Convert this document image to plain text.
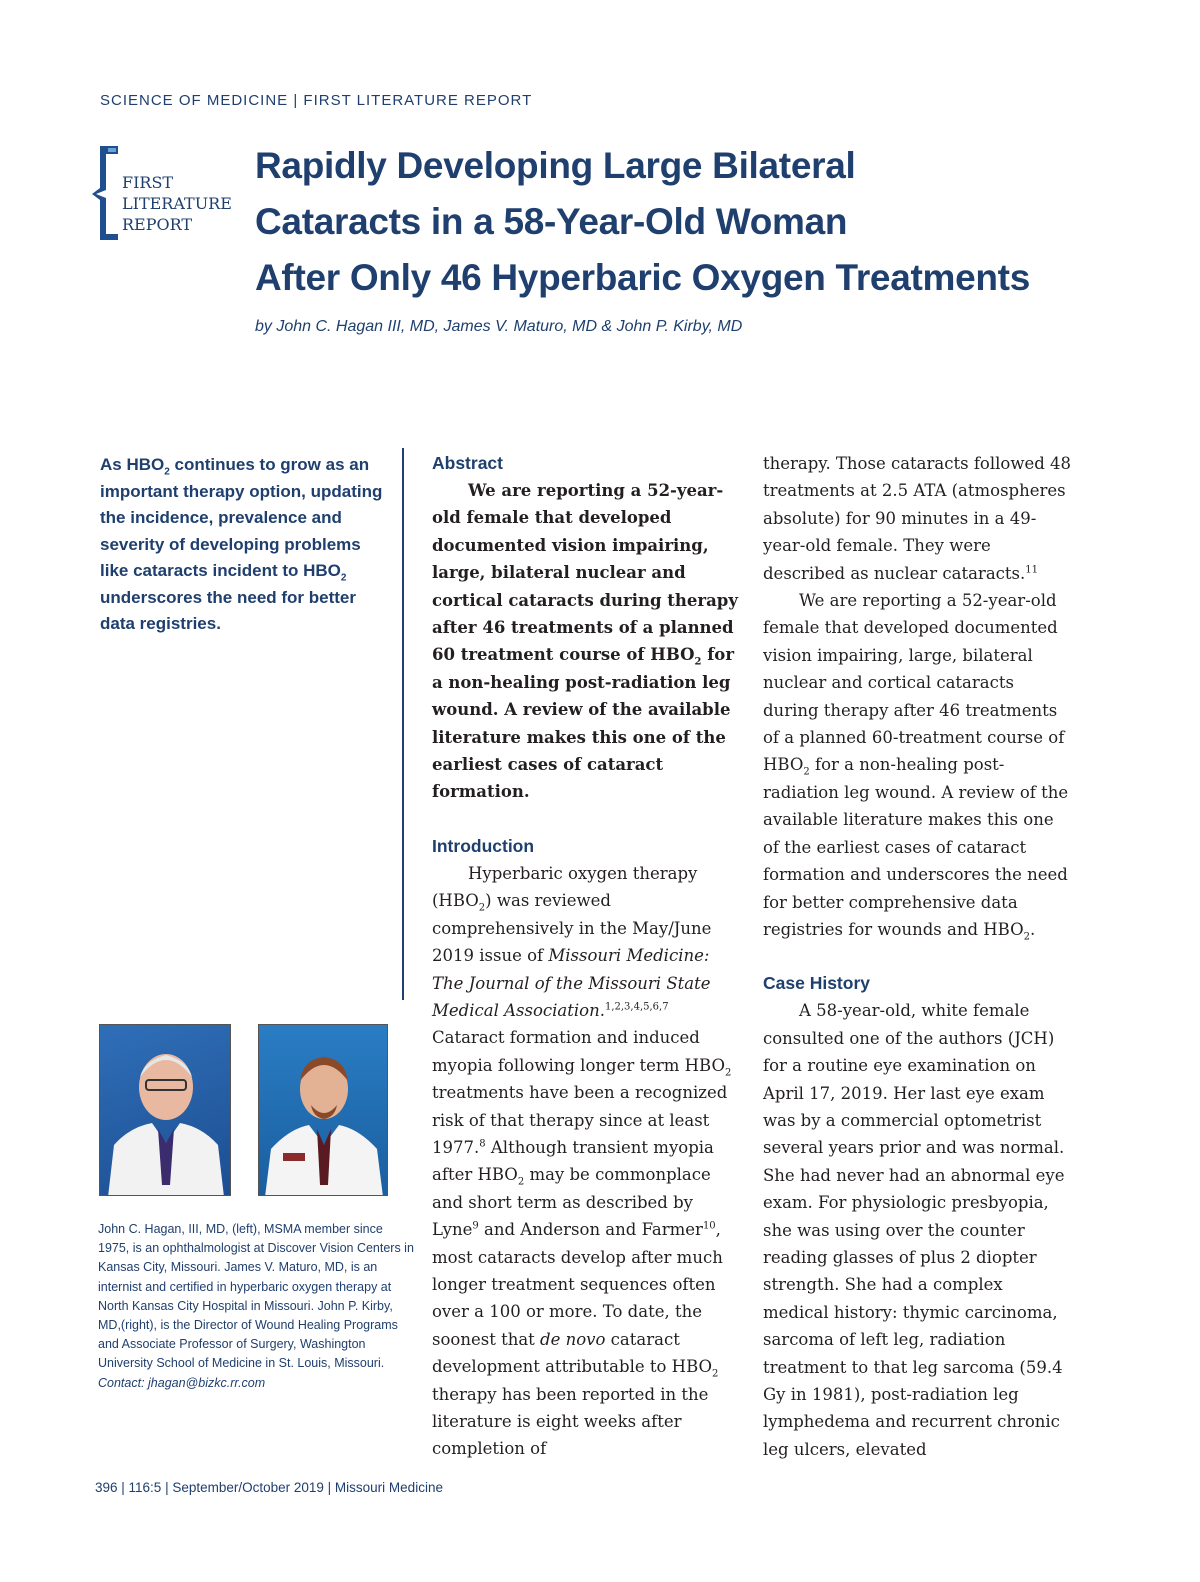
SCIENCE OF MEDICINE | FIRST LITERATURE REPORT
FIRST
LITERATURE
REPORT
Rapidly Developing Large Bilateral
Cataracts in a 58-Year-Old Woman
After Only 46 Hyperbaric Oxygen Treatments
by John C. Hagan III, MD, James V. Maturo, MD & John P. Kirby, MD
As $HBO_2$ continues to grow as an important therapy option, updating the incidence, prevalence and severity of developing problems like cataracts incident to $HBO_2$ underscores the need for better data registries.
John C. Hagan, III, MD, (left), MSMA member since 1975, is an ophthalmologist at Discover Vision Centers in Kansas City, Missouri. James V. Maturo, MD, is an internist and certified in hyperbaric oxygen therapy at North Kansas City Hospital in Missouri. John P. Kirby, MD,(right), is the Director of Wound Healing Programs and Associate Professor of Surgery, Washington University School of Medicine in St. Louis, Missouri.
Contact: jhagan@bizkc.rr.com
Abstract
We are reporting a 52-year-old female that developed documented vision impairing, large, bilateral nuclear and cortical cataracts during therapy after 46 treatments of a planned 60 treatment course of $HBO_2$ for a non-healing post-radiation leg wound. A review of the available literature makes this one of the earliest cases of cataract formation.
Introduction
Hyperbaric oxygen therapy $(HBO_2)$ was reviewed comprehensively in the May/June 2019 issue of Missouri Medicine: The Journal of the Missouri State Medical Association.$^{1,2,3,4,5,6,7}$ Cataract formation and induced myopia following longer term $HBO_2$ treatments have been a recognized risk of that therapy since at least 1977.$^8$ Although transient myopia after $HBO_2$ may be commonplace and short term as described by Lyne$^9$ and Anderson and Farmer$^{10}$, most cataracts develop after much longer treatment sequences often over a 100 or more. To date, the soonest that de novo cataract development attributable to $HBO_2$ therapy has been reported in the literature is eight weeks after completion of
therapy. Those cataracts followed 48 treatments at 2.5 ATA (atmospheres absolute) for 90 minutes in a 49-year-old female. They were described as nuclear cataracts.$^{11}$
We are reporting a 52-year-old female that developed documented vision impairing, large, bilateral nuclear and cortical cataracts during therapy after 46 treatments of a planned 60-treatment course of $HBO_2$ for a non-healing post-radiation leg wound. A review of the available literature makes this one of the earliest cases of cataract formation and underscores the need for better comprehensive data registries for wounds and $HBO_2$.
Case History
A 58-year-old, white female consulted one of the authors (JCH) for a routine eye examination on April 17, 2019. Her last eye exam was by a commercial optometrist several years prior and was normal. She had never had an abnormal eye exam. For physiologic presbyopia, she was using over the counter reading glasses of plus 2 diopter strength. She had a complex medical history: thymic carcinoma, sarcoma of left leg, radiation treatment to that leg sarcoma (59.4 Gy in 1981), post-radiation leg lymphedema and recurrent chronic leg ulcers, elevated
396 | 116:5 | September/October 2019 | Missouri Medicine
